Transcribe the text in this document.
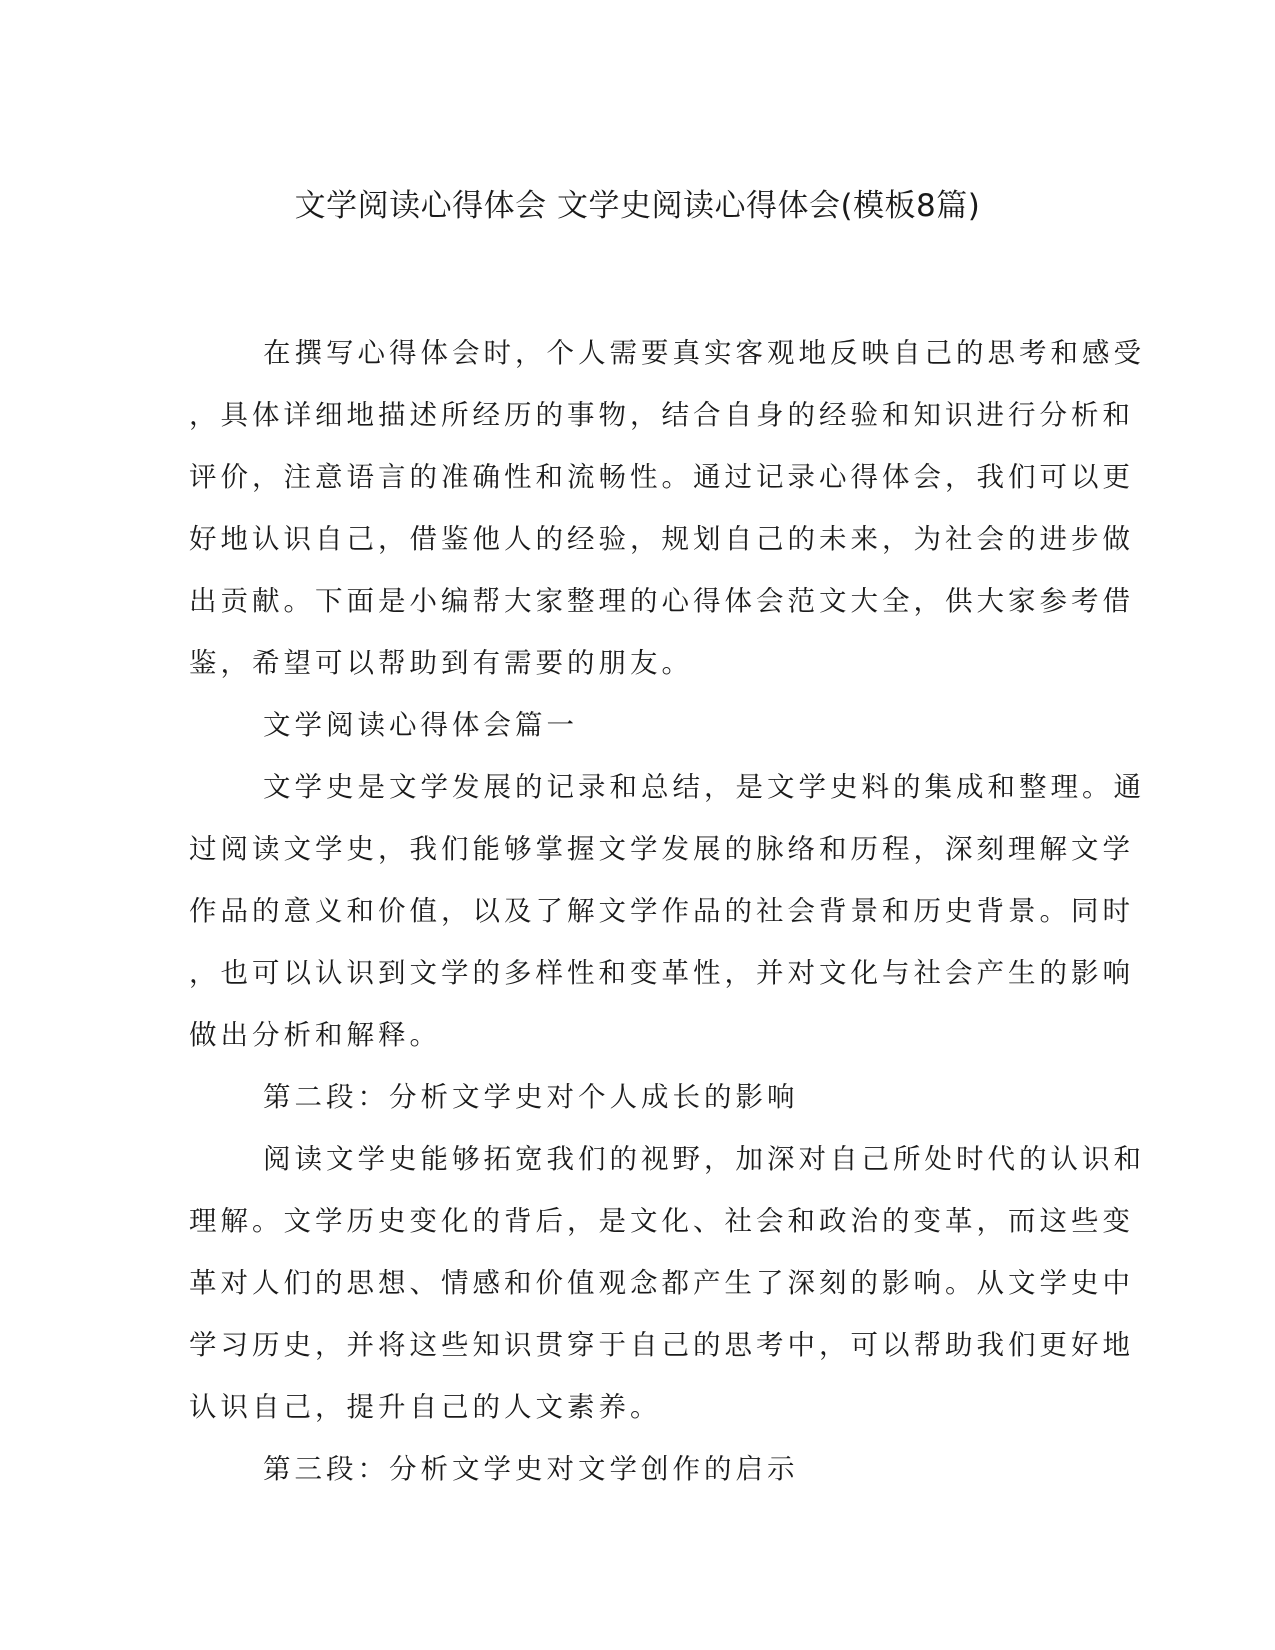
文学阅读心得体会 文学史阅读心得体会(模板8篇)
在撰写心得体会时，个人需要真实客观地反映自己的思考和感受
，具体详细地描述所经历的事物，结合自身的经验和知识进行分析和
评价，注意语言的准确性和流畅性。通过记录心得体会，我们可以更
好地认识自己，借鉴他人的经验，规划自己的未来，为社会的进步做
出贡献。下面是小编帮大家整理的心得体会范文大全，供大家参考借
鉴，希望可以帮助到有需要的朋友。
文学阅读心得体会篇一
文学史是文学发展的记录和总结，是文学史料的集成和整理。通
过阅读文学史，我们能够掌握文学发展的脉络和历程，深刻理解文学
作品的意义和价值，以及了解文学作品的社会背景和历史背景。同时
，也可以认识到文学的多样性和变革性，并对文化与社会产生的影响
做出分析和解释。
第二段：分析文学史对个人成长的影响
阅读文学史能够拓宽我们的视野，加深对自己所处时代的认识和
理解。文学历史变化的背后，是文化、社会和政治的变革，而这些变
革对人们的思想、情感和价值观念都产生了深刻的影响。从文学史中
学习历史，并将这些知识贯穿于自己的思考中，可以帮助我们更好地
认识自己，提升自己的人文素养。
第三段：分析文学史对文学创作的启示
